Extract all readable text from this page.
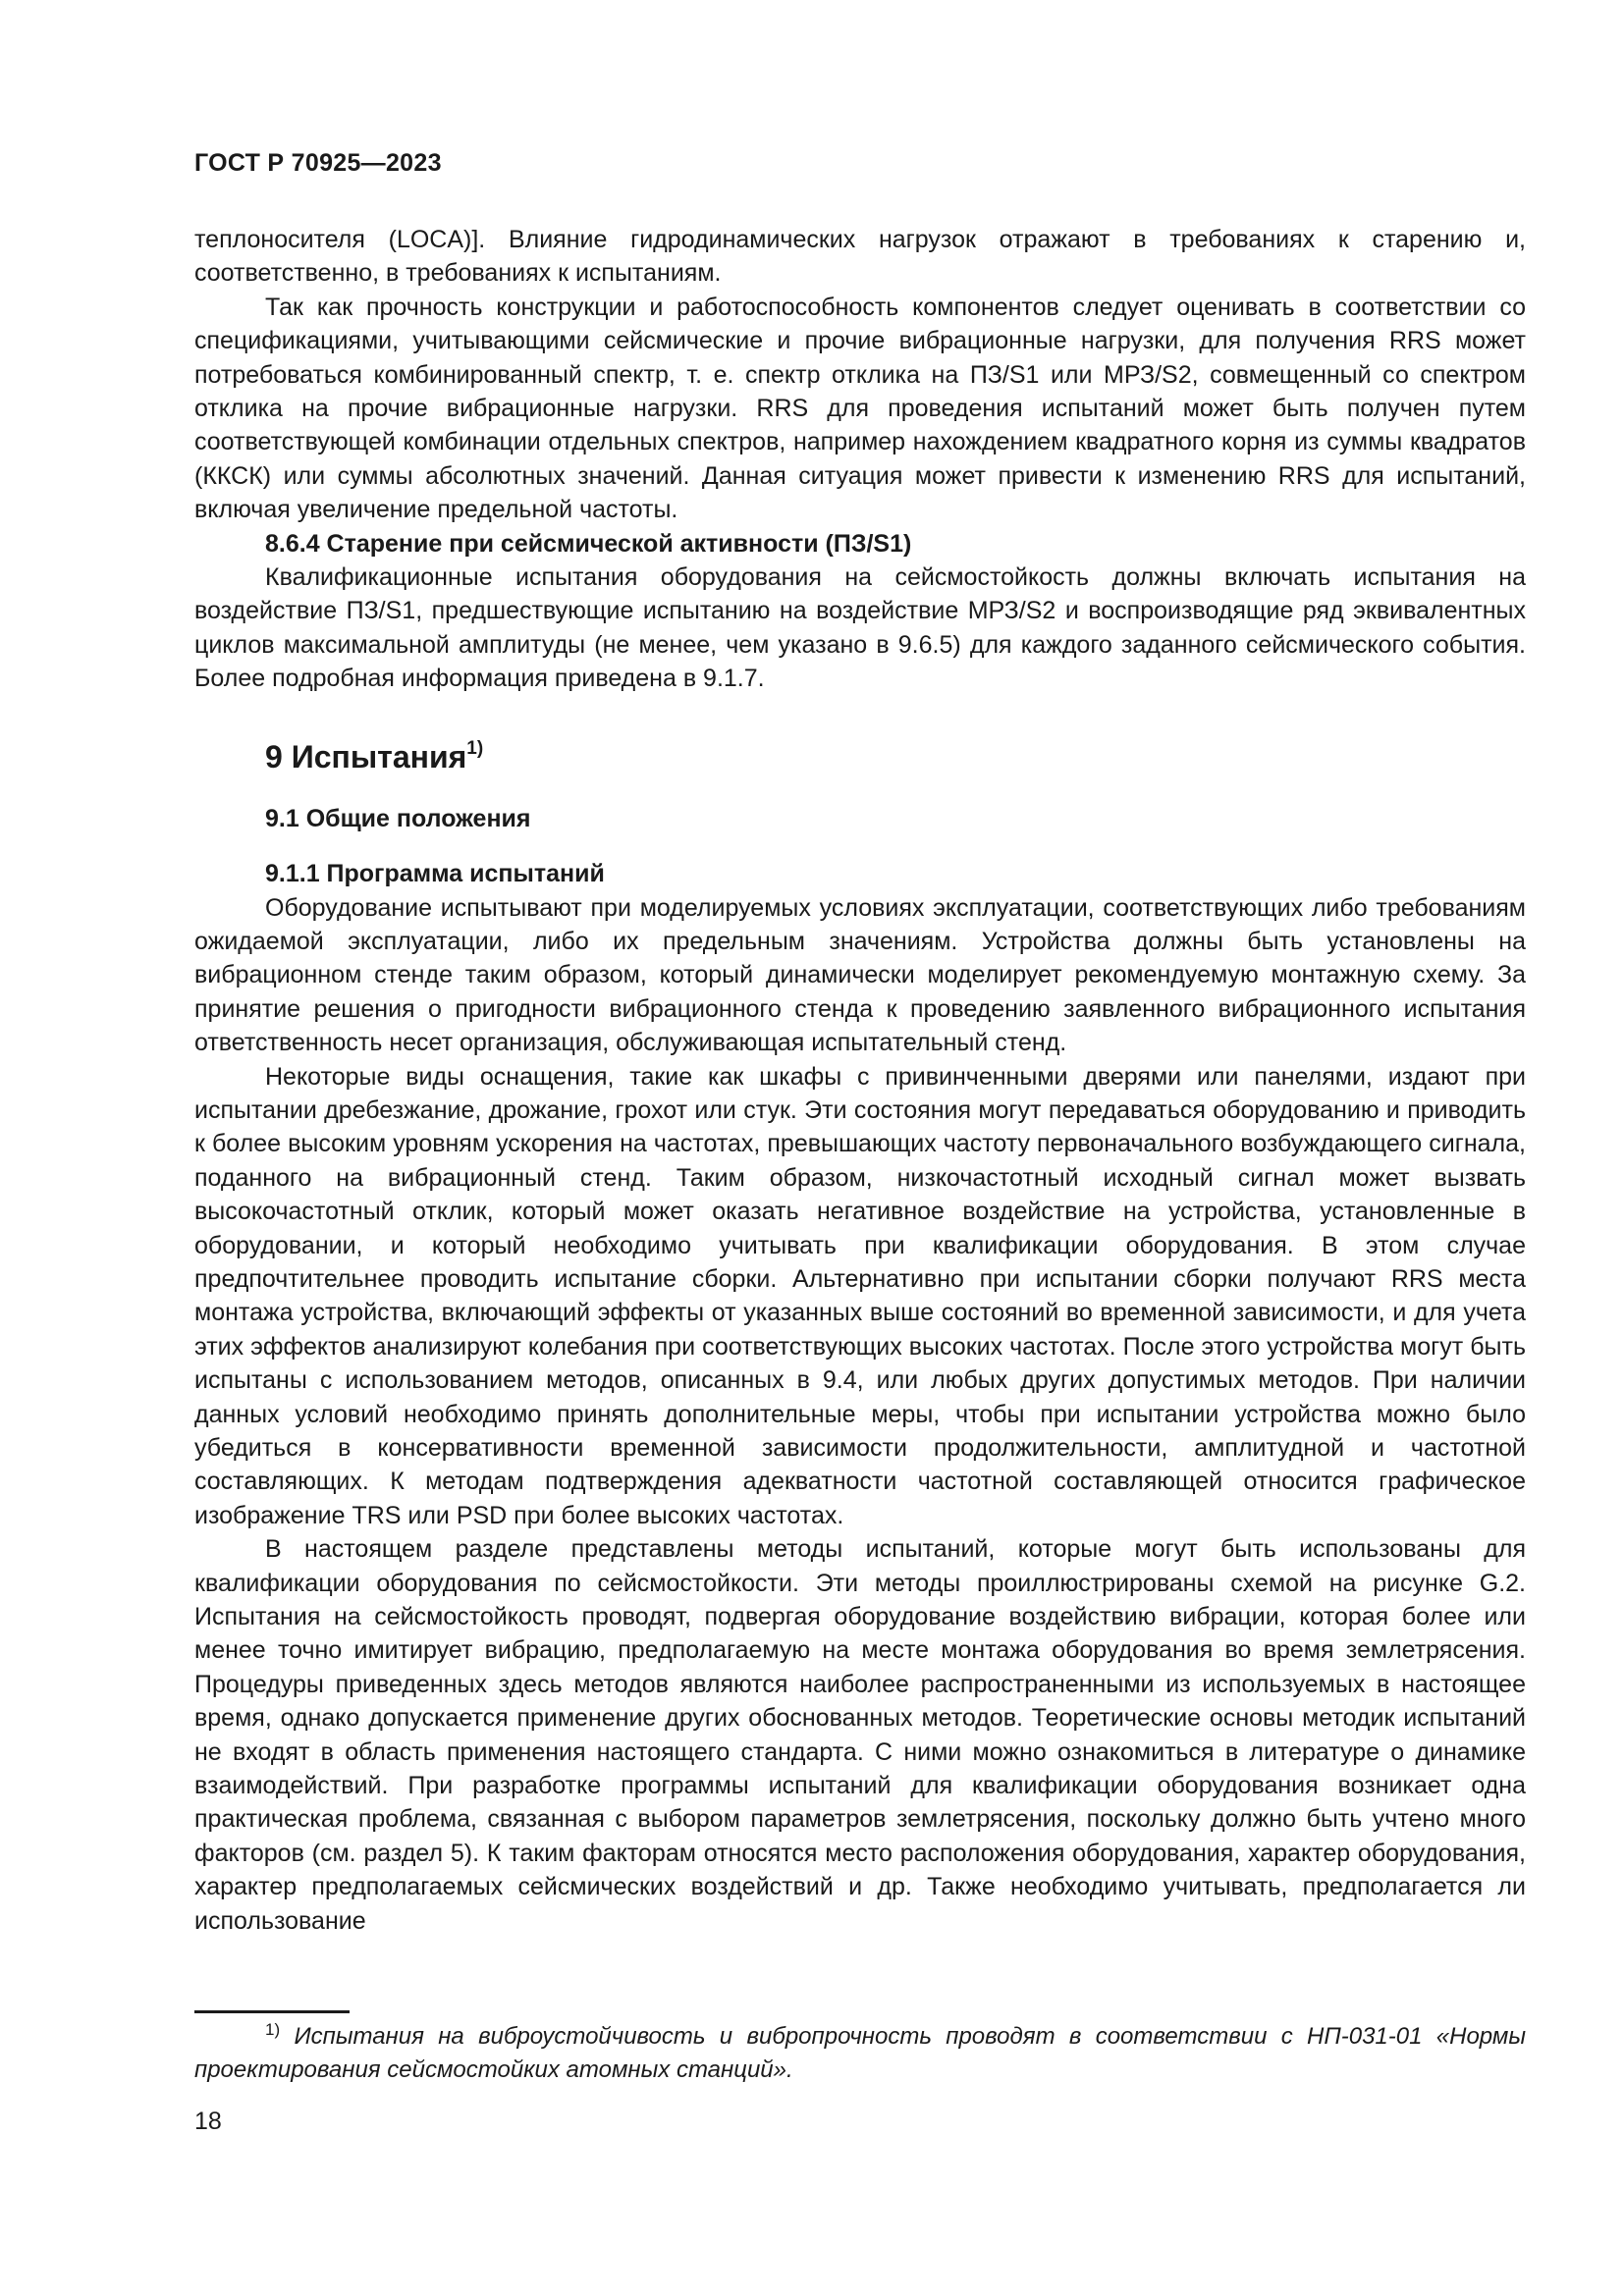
ГОСТ Р 70925—2023

теплоносителя (LOCA)]. Влияние гидродинамических нагрузок отражают в требованиях к старению и, соответственно, в требованиях к испытаниям.

Так как прочность конструкции и работоспособность компонентов следует оценивать в соответствии со спецификациями, учитывающими сейсмические и прочие вибрационные нагрузки, для получения RRS может потребоваться комбинированный спектр, т. е. спектр отклика на ПЗ/S1 или МРЗ/S2, совмещенный со спектром отклика на прочие вибрационные нагрузки. RRS для проведения испытаний может быть получен путем соответствующей комбинации отдельных спектров, например нахождением квадратного корня из суммы квадратов (ККСК) или суммы абсолютных значений. Данная ситуация может привести к изменению RRS для испытаний, включая увеличение предельной частоты.

8.6.4 Старение при сейсмической активности (ПЗ/S1)

Квалификационные испытания оборудования на сейсмостойкость должны включать испытания на воздействие ПЗ/S1, предшествующие испытанию на воздействие МРЗ/S2 и воспроизводящие ряд эквивалентных циклов максимальной амплитуды (не менее, чем указано в 9.6.5) для каждого заданного сейсмического события. Более подробная информация приведена в 9.1.7.

9 Испытания$^{1)}$
9.1 Общие положения
9.1.1 Программа испытаний

Оборудование испытывают при моделируемых условиях эксплуатации, соответствующих либо требованиям ожидаемой эксплуатации, либо их предельным значениям. Устройства должны быть установлены на вибрационном стенде таким образом, который динамически моделирует рекомендуемую монтажную схему. За принятие решения о пригодности вибрационного стенда к проведению заявленного вибрационного испытания ответственность несет организация, обслуживающая испытательный стенд.

Некоторые виды оснащения, такие как шкафы с привинченными дверями или панелями, издают при испытании дребезжание, дрожание, грохот или стук. Эти состояния могут передаваться оборудованию и приводить к более высоким уровням ускорения на частотах, превышающих частоту первоначального возбуждающего сигнала, поданного на вибрационный стенд. Таким образом, низкочастотный исходный сигнал может вызвать высокочастотный отклик, который может оказать негативное воздействие на устройства, установленные в оборудовании, и который необходимо учитывать при квалификации оборудования. В этом случае предпочтительнее проводить испытание сборки. Альтернативно при испытании сборки получают RRS места монтажа устройства, включающий эффекты от указанных выше состояний во временной зависимости, и для учета этих эффектов анализируют колебания при соответствующих высоких частотах. После этого устройства могут быть испытаны с использованием методов, описанных в 9.4, или любых других допустимых методов. При наличии данных условий необходимо принять дополнительные меры, чтобы при испытании устройства можно было убедиться в консервативности временной зависимости продолжительности, амплитудной и частотной составляющих. К методам подтверждения адекватности частотной составляющей относится графическое изображение TRS или PSD при более высоких частотах.

В настоящем разделе представлены методы испытаний, которые могут быть использованы для квалификации оборудования по сейсмостойкости. Эти методы проиллюстрированы схемой на рисунке G.2. Испытания на сейсмостойкость проводят, подвергая оборудование воздействию вибрации, которая более или менее точно имитирует вибрацию, предполагаемую на месте монтажа оборудования во время землетрясения. Процедуры приведенных здесь методов являются наиболее распространенными из используемых в настоящее время, однако допускается применение других обоснованных методов. Теоретические основы методик испытаний не входят в область применения настоящего стандарта. С ними можно ознакомиться в литературе о динамике взаимодействий. При разработке программы испытаний для квалификации оборудования возникает одна практическая проблема, связанная с выбором параметров землетрясения, поскольку должно быть учтено много факторов (см. раздел 5). К таким факторам относятся место расположения оборудования, характер оборудования, характер предполагаемых сейсмических воздействий и др. Также необходимо учитывать, предполагается ли использование

$^{1)}$ Испытания на виброустойчивость и вибропрочность проводят в соответствии с НП-031-01 «Нормы проектирования сейсмостойких атомных станций».
18
